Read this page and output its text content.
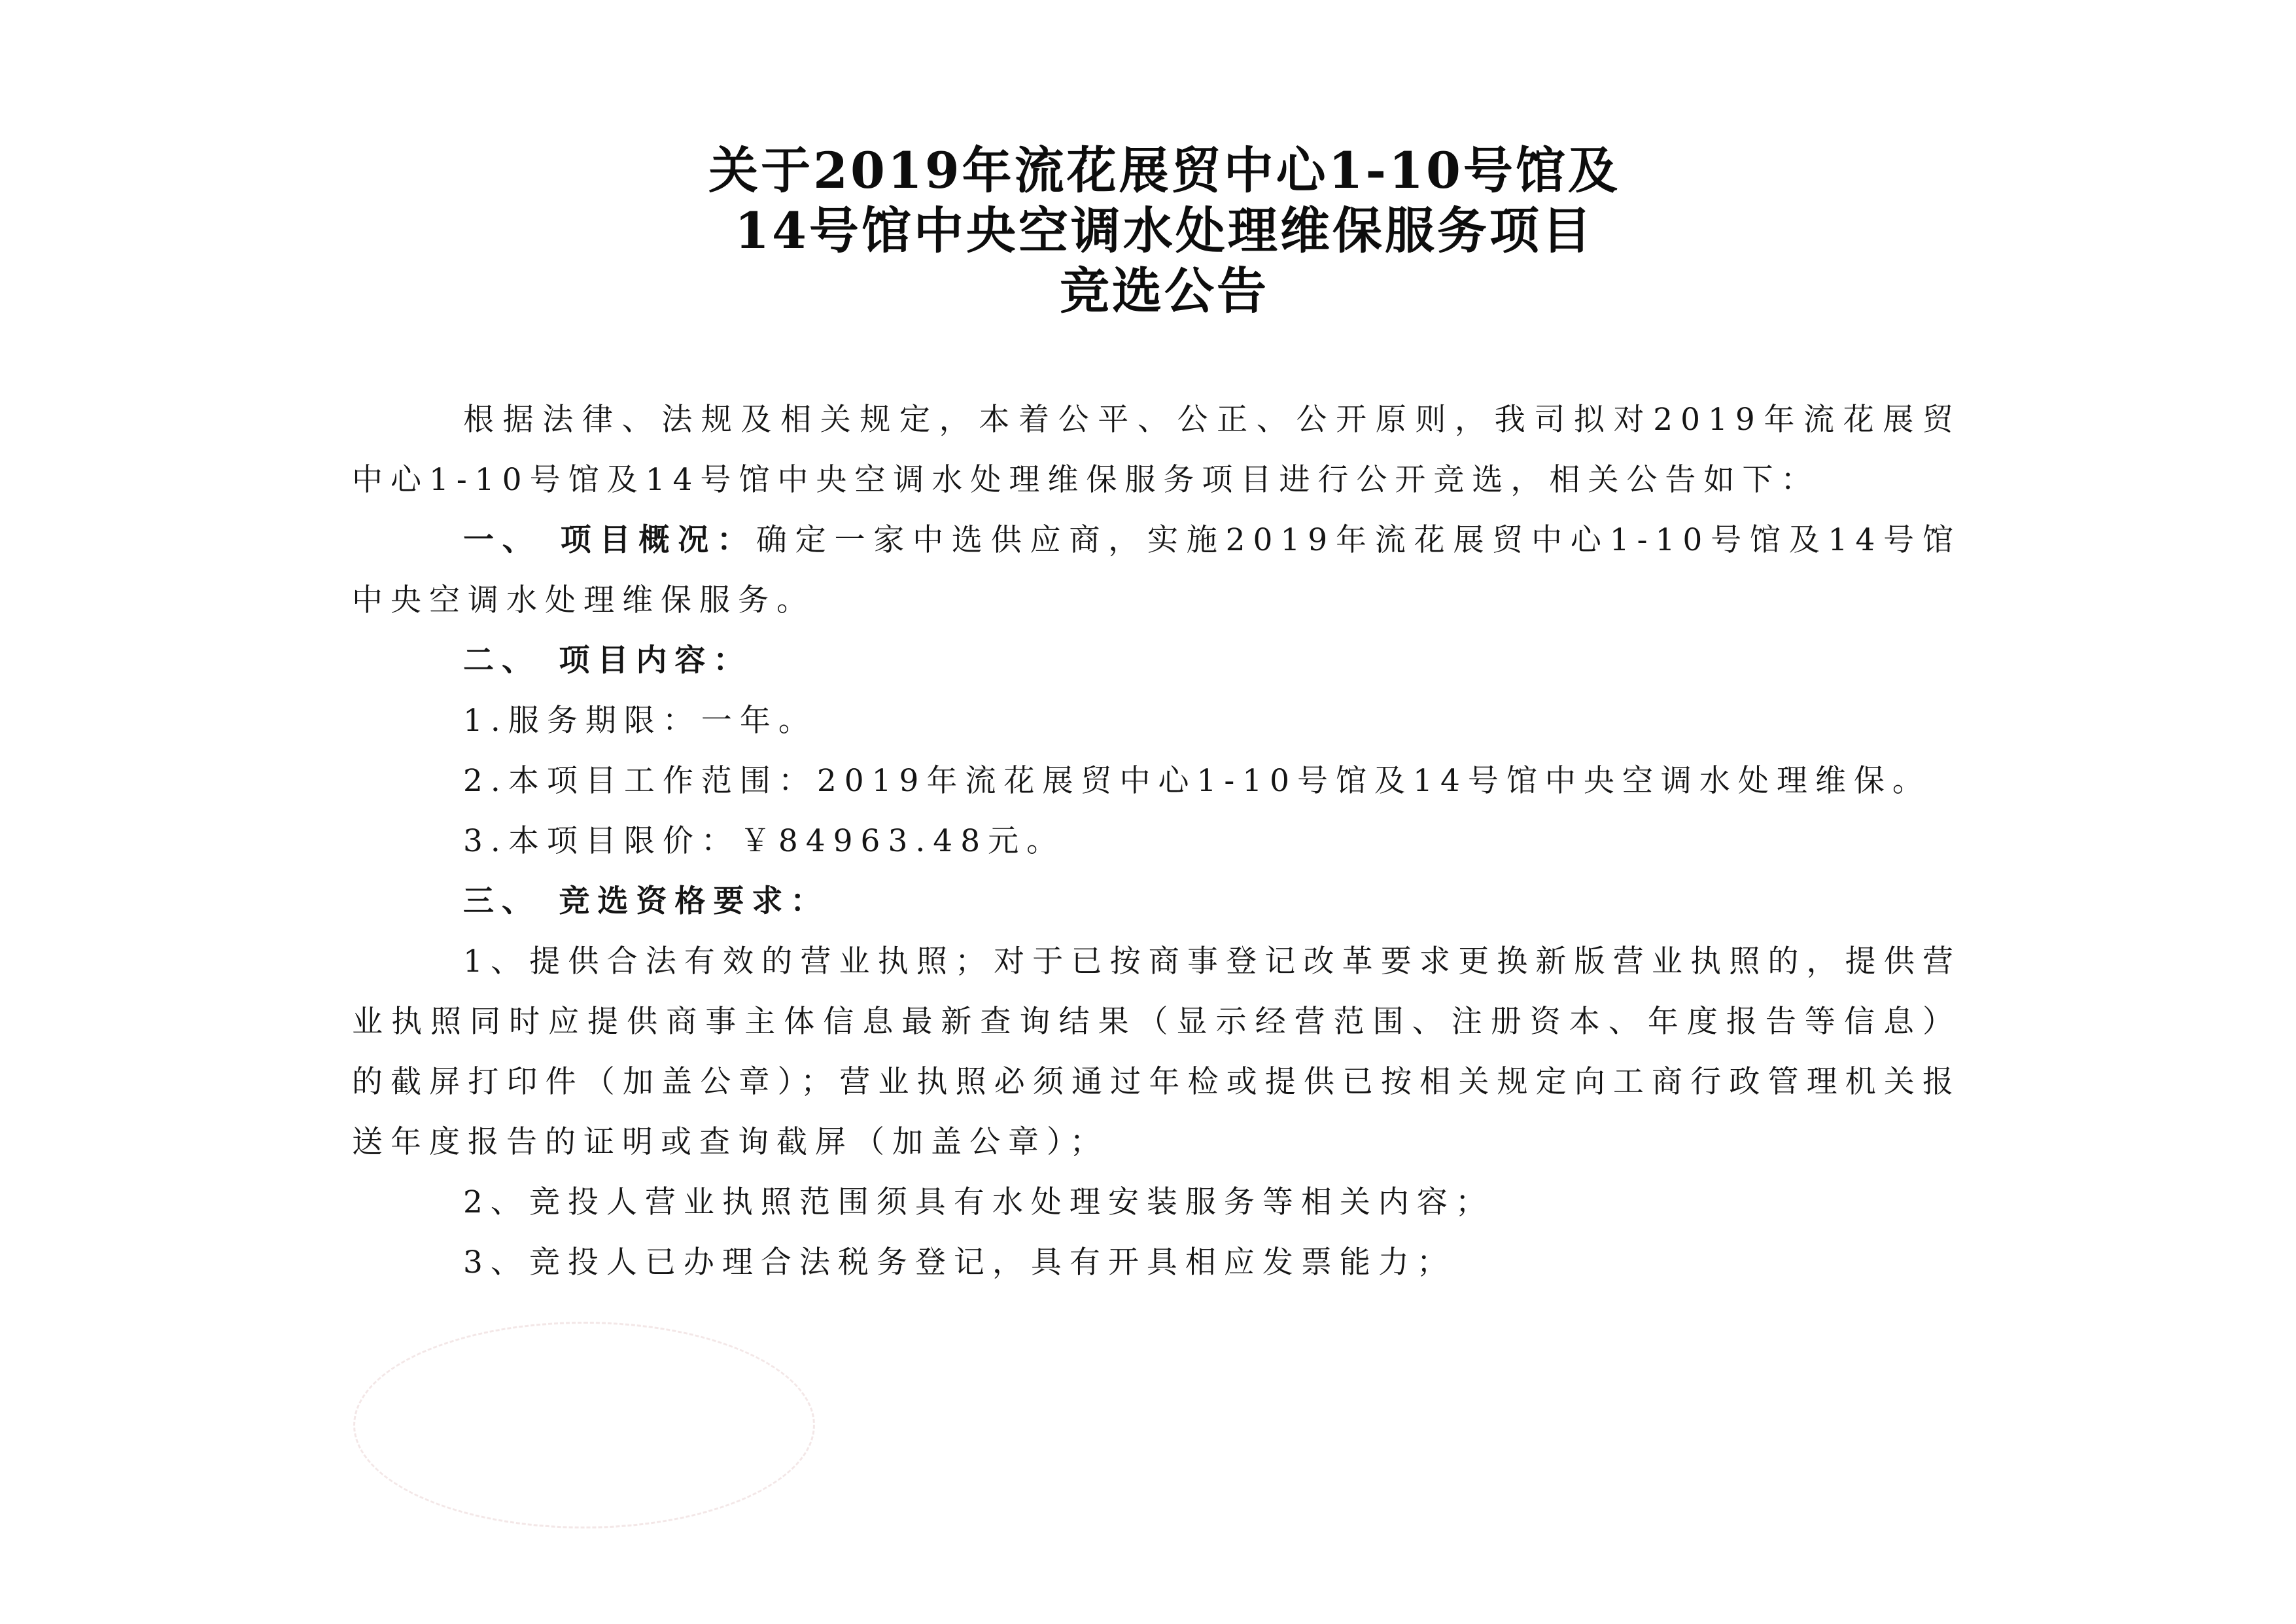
关于2019年流花展贸中心1-10号馆及
14号馆中央空调水处理维保服务项目
竞选公告

根据法律、法规及相关规定，本着公平、公正、公开原则，我司拟对2019年流花展贸中心1-10号馆及14号馆中央空调水处理维保服务项目进行公开竞选，相关公告如下：

一、 项目概况：确定一家中选供应商，实施2019年流花展贸中心1-10号馆及14号馆中央空调水处理维保服务。

二、 项目内容：

1.服务期限：一年。

2.本项目工作范围：2019年流花展贸中心1-10号馆及14号馆中央空调水处理维保。

3.本项目限价：￥84963.48元。

三、 竞选资格要求：

1、提供合法有效的营业执照；对于已按商事登记改革要求更换新版营业执照的，提供营业执照同时应提供商事主体信息最新查询结果（显示经营范围、注册资本、年度报告等信息）的截屏打印件（加盖公章）；营业执照必须通过年检或提供已按相关规定向工商行政管理机关报送年度报告的证明或查询截屏（加盖公章）；

2、竞投人营业执照范围须具有水处理安装服务等相关内容；

3、竞投人已办理合法税务登记，具有开具相应发票能力；
